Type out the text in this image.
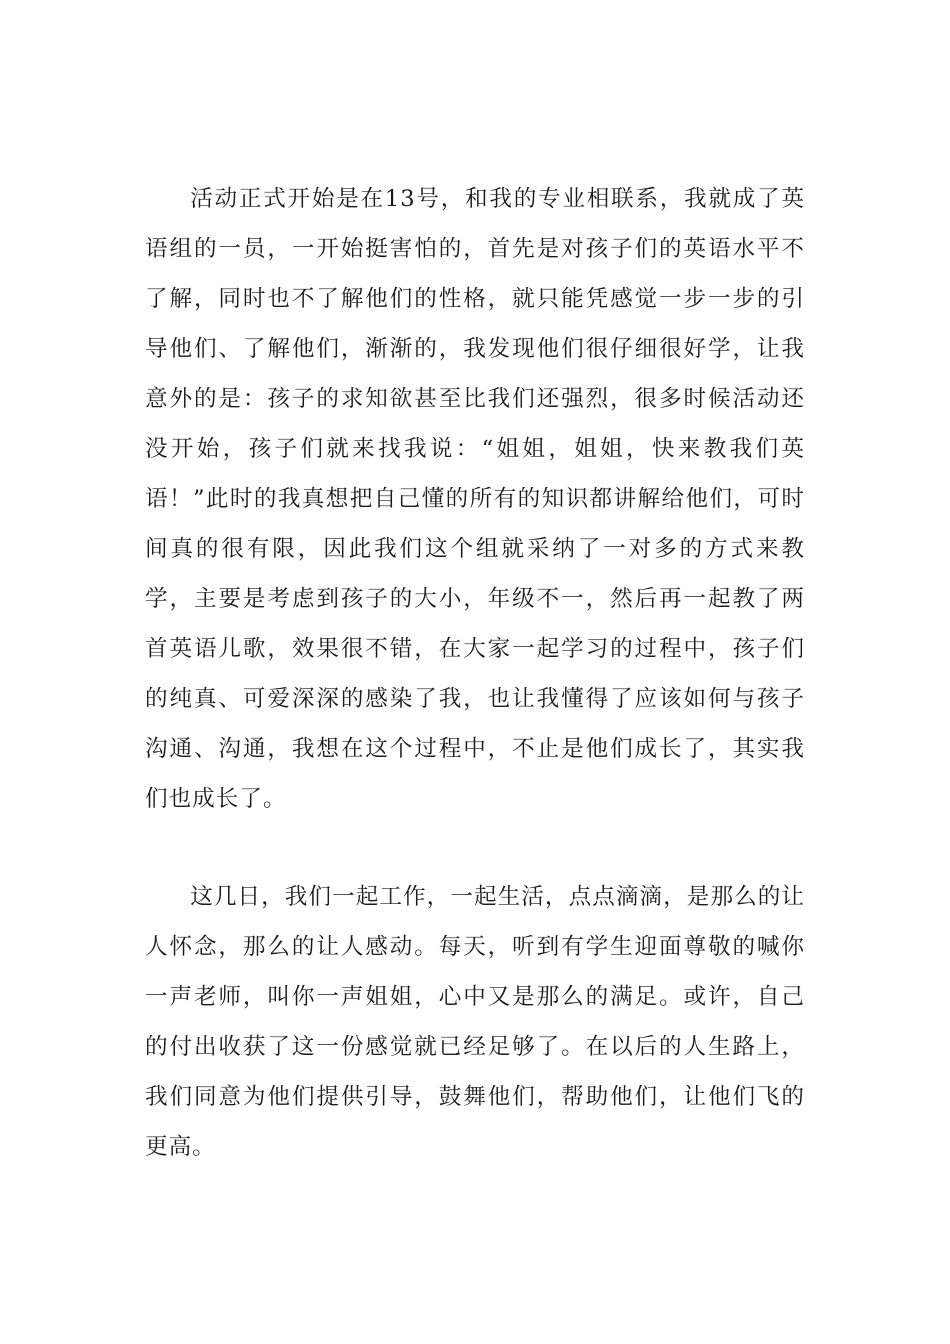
活动正式开始是在13号，和我的专业相联系，我就成了英语组的一员，一开始挺害怕的，首先是对孩子们的英语水平不了解，同时也不了解他们的性格，就只能凭感觉一步一步的引导他们、了解他们，渐渐的，我发现他们很仔细很好学，让我意外的是：孩子的求知欲甚至比我们还强烈，很多时候活动还没开始，孩子们就来找我说：“姐姐，姐姐，快来教我们英语！”此时的我真想把自己懂的所有的知识都讲解给他们，可时间真的很有限，因此我们这个组就采纳了一对多的方式来教学，主要是考虑到孩子的大小，年级不一，然后再一起教了两首英语儿歌，效果很不错，在大家一起学习的过程中，孩子们的纯真、可爱深深的感染了我，也让我懂得了应该如何与孩子沟通、沟通，我想在这个过程中，不止是他们成长了，其实我们也成长了。

这几日，我们一起工作，一起生活，点点滴滴，是那么的让人怀念，那么的让人感动。每天，听到有学生迎面尊敬的喊你一声老师，叫你一声姐姐，心中又是那么的满足。或许，自己的付出收获了这一份感觉就已经足够了。在以后的人生路上，我们同意为他们提供引导，鼓舞他们，帮助他们，让他们飞的更高。
